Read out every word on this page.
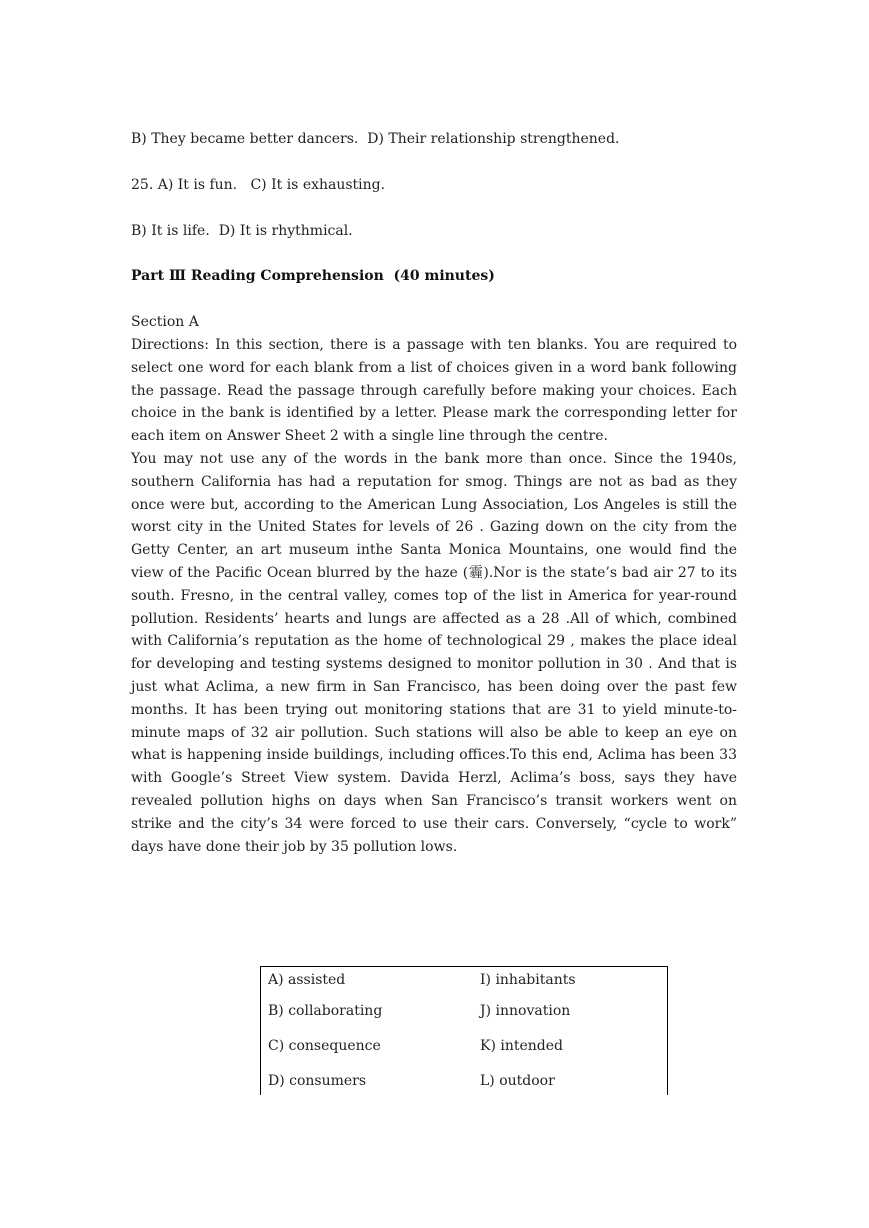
B) They became better dancers.  D) Their relationship strengthened.

25. A) It is fun.   C) It is exhausting.

B) It is life.  D) It is rhythmical.

Part Ⅲ Reading Comprehension  (40 minutes)

Section A

Directions: In this section, there is a passage with ten blanks. You are required to select one word for each blank from a list of choices given in a word bank following the passage. Read the passage through carefully before making your choices. Each choice in the bank is identified by a letter. Please mark the corresponding letter for each item on Answer Sheet 2 with a single line through the centre.

You may not use any of the words in the bank more than once. Since the 1940s, southern California has had a reputation for smog. Things are not as bad as they once were but, according to the American Lung Association, Los Angeles is still the worst city in the United States for levels of 26 . Gazing down on the city from the Getty Center, an art museum inthe Santa Monica Mountains, one would find the view of the Pacific Ocean blurred by the haze (霾).Nor is the state’s bad air 27 to its south. Fresno, in the central valley, comes top of the list in America for year-round pollution. Residents’ hearts and lungs are affected as a 28 .All of which, combined with California’s reputation as the home of technological 29 , makes the place ideal for developing and testing systems designed to monitor pollution in 30 . And that is just what Aclima, a new firm in San Francisco, has been doing over the past few months. It has been trying out monitoring stations that are 31 to yield minute-to-minute maps of 32 air pollution. Such stations will also be able to keep an eye on what is happening inside buildings, including offices.To this end, Aclima has been 33 with Google’s Street View system. Davida Herzl, Aclima’s boss, says they have revealed pollution highs on days when San Francisco’s transit workers went on strike and the city’s 34 were forced to use their cars. Conversely, “cycle to work” days have done their job by 35 pollution lows.

A) assisted	I) inhabitants
B) collaborating	J) innovation
C) consequence	K) intended
D) consumers	L) outdoor
